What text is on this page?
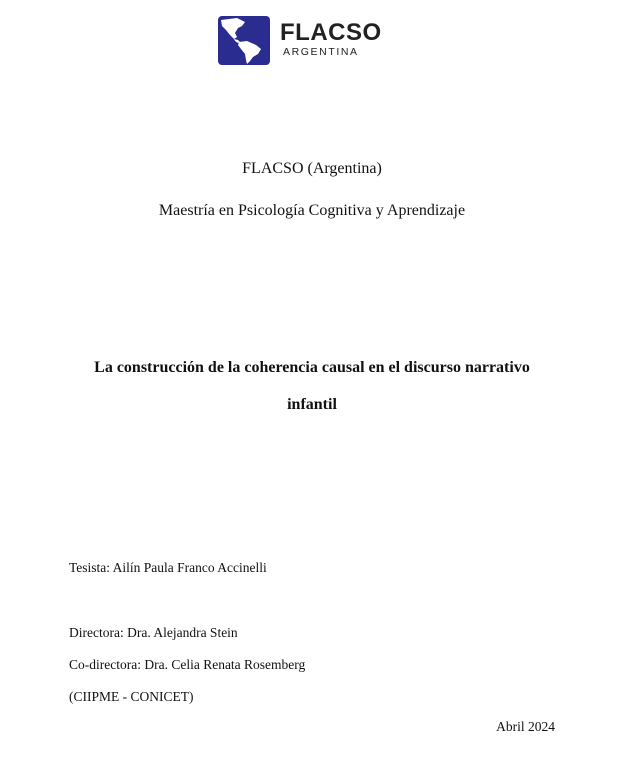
FLACSO
ARGENTINA
FLACSO (Argentina)
Maestría en Psicología Cognitiva y Aprendizaje
La construcción de la coherencia causal en el discurso narrativo
infantil
Tesista: Ailín Paula Franco Accinelli
Directora: Dra. Alejandra Stein
Co-directora: Dra. Celia Renata Rosemberg
(CIIPME - CONICET)
Abril 2024
